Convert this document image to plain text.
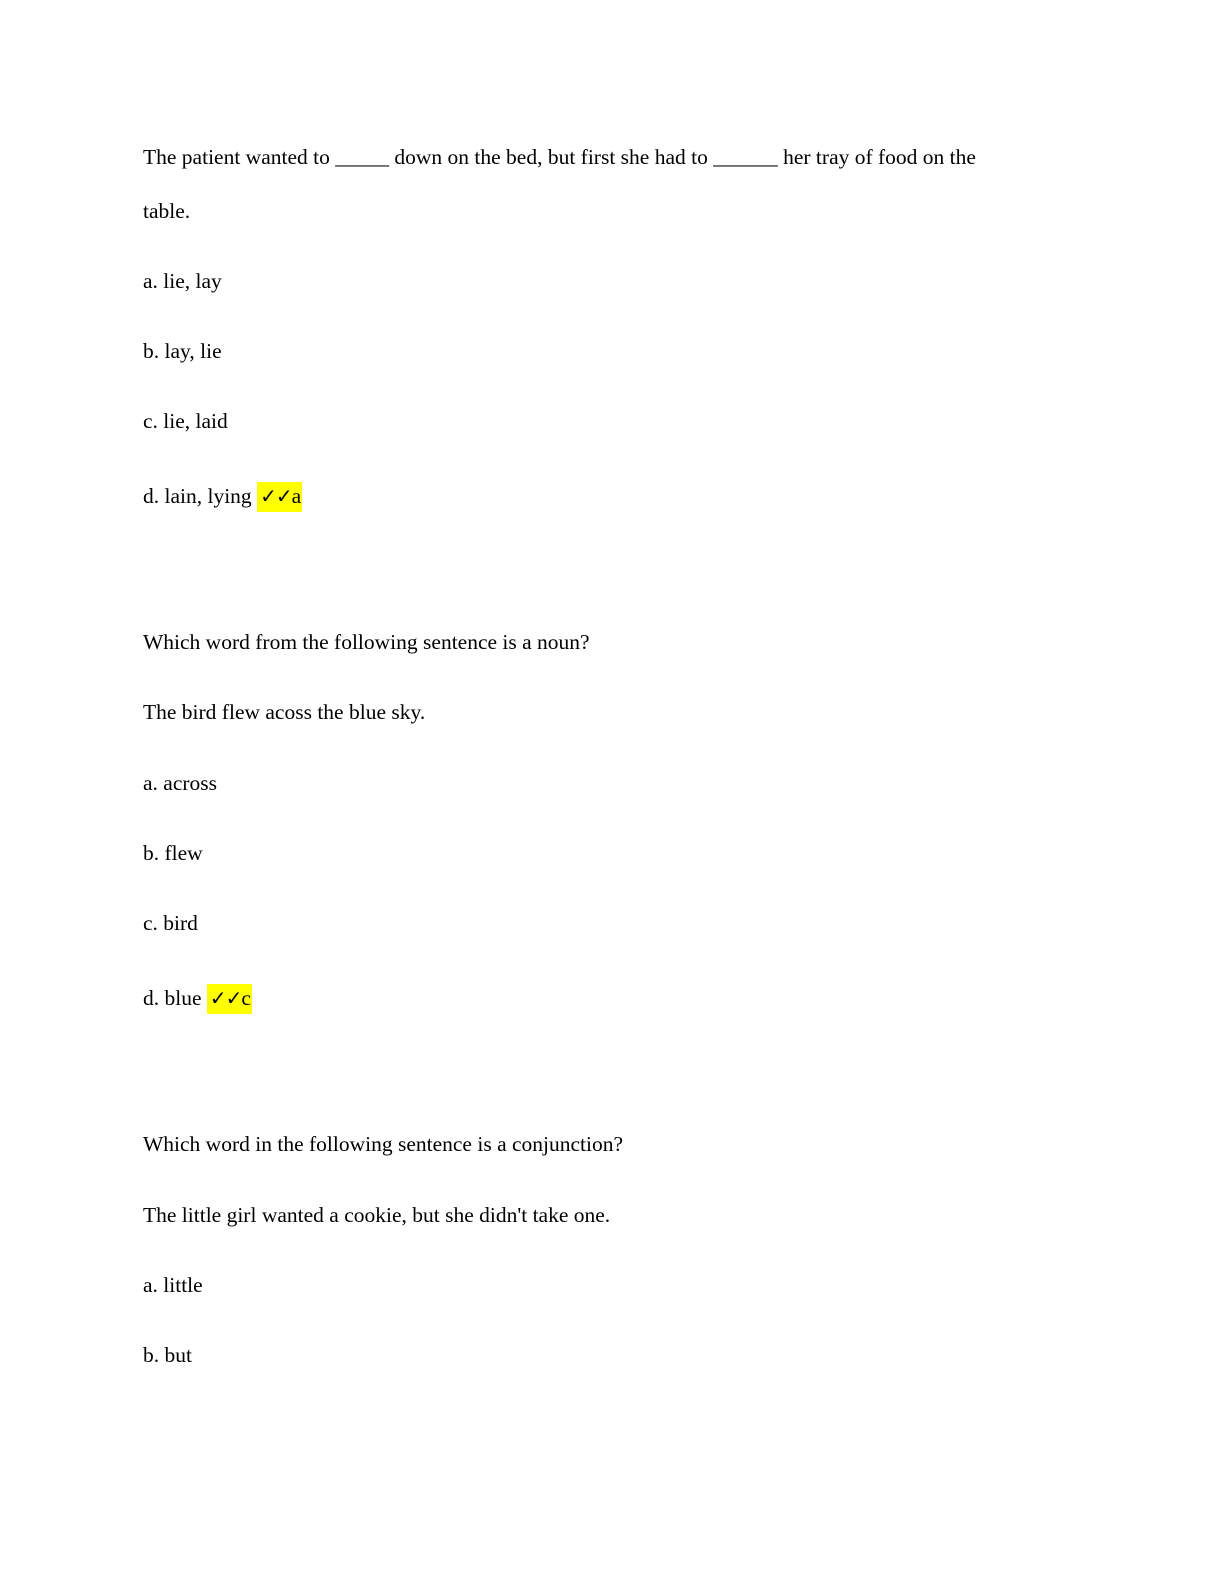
The patient wanted to _____ down on the bed, but first she had to ______ her tray of food on the
table.
a. lie, lay
b. lay, lie
c. lie, laid
d. lain, lying ✓✓a
Which word from the following sentence is a noun?
The bird flew acoss the blue sky.
a. across
b. flew
c. bird
d. blue ✓✓c
Which word in the following sentence is a conjunction?
The little girl wanted a cookie, but she didn't take one.
a. little
b. but
